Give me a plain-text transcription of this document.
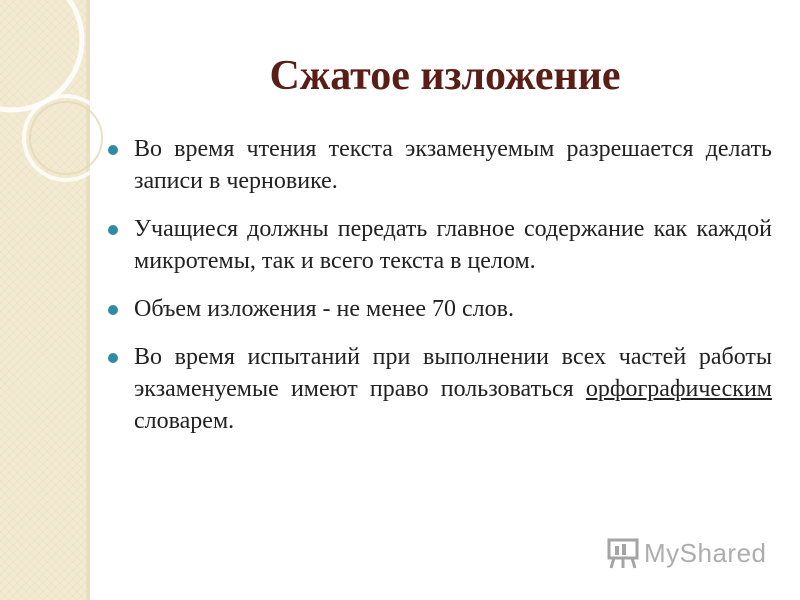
Сжатое изложение
Во время чтения текста экзаменуемым разрешается делать записи в черновике.
Учащиеся должны передать главное содержание как каждой микротемы, так и всего текста в целом.
Объем изложения - не менее 70 слов.
Во время испытаний при выполнении всех частей работы экзаменуемые имеют право пользоваться орфографическим словарем.
MyShared
